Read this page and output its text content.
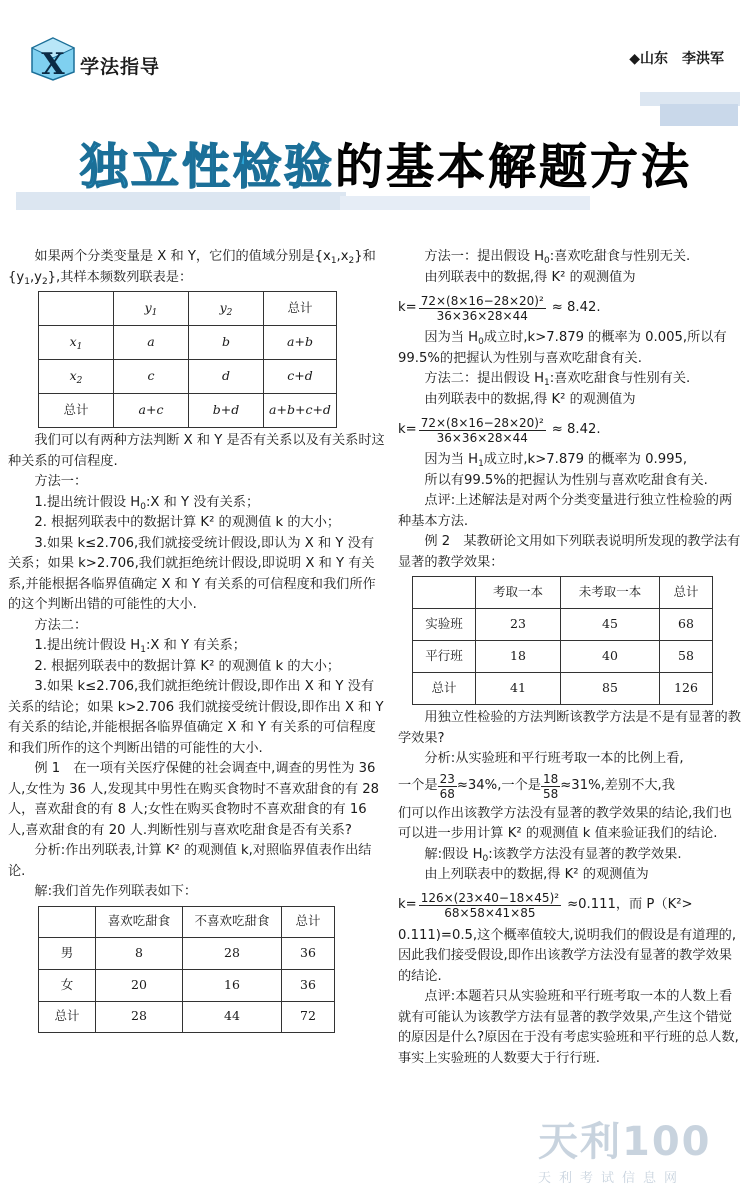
X 学法指导	◆山东　李洪军
独立性检验的基本解题方法

如果两个分类变量是 X 和 Y，它们的值域分别是$\{x_1,x_2\}$和$\{y_1,y_2\}$,其样本频数列联表是：

	$y_1$	$y_2$	总计
$x_1$	a	b	a+b
$x_2$	c	d	c+d
总计	a+c	b+d	a+b+c+d

我们可以有两种方法判断 X 和 Y 是否有关系以及有关系时这种关系的可信程度.

方法一：

1.提出统计假设 $H_0:X$ 和 Y 没有关系；

2. 根据列联表中的数据计算 K² 的观测值 k 的大小；

3.如果 k≤2.706,我们就接受统计假设,即认为 X 和 Y 没有关系；如果 k>2.706,我们就拒绝统计假设,即说明 X 和 Y 有关系,并能根据各临界值确定 X 和 Y 有关系的可信程度和我们所作的这个判断出错的可能性的大小.

方法二：

1.提出统计假设 $H_1:X$ 和 Y 有关系；

2. 根据列联表中的数据计算 K² 的观测值 k 的大小；

3.如果 k≤2.706,我们就拒绝统计假设,即作出 X 和 Y 没有关系的结论；如果 k>2.706 我们就接受统计假设,即作出 X 和 Y 有关系的结论,并能根据各临界值确定 X 和 Y 有关系的可信程度和我们所作的这个判断出错的可能性的大小.

例 1　在一项有关医疗保健的社会调查中,调查的男性为 36 人,女性为 36 人,发现其中男性在购买食物时不喜欢甜食的有 28 人，喜欢甜食的有 8 人;女性在购买食物时不喜欢甜食的有 16 人,喜欢甜食的有 20 人.判断性别与喜欢吃甜食是否有关系?

分析:作出列联表,计算 K² 的观测值 k,对照临界值表作出结论.

解:我们首先作列联表如下：

	喜欢吃甜食	不喜欢吃甜食	总计
男	8	28	36
女	20	16	36
总计	28	44	72

方法一：提出假设 $H_0$:喜欢吃甜食与性别无关.

由列联表中的数据,得 K² 的观测值为

$k= \frac{\text{72×(8×16−28×20)²}}{36\times 36\times 28\times 44} \approx 8.42$.

因为当 $H_0$成立时,k>7.879 的概率为 0.005,所以有 99.5%的把握认为性别与喜欢吃甜食有关.

方法二：提出假设 $H_1$:喜欢吃甜食与性别有关.

由列联表中的数据,得 K² 的观测值为

$k= \frac{\text{72×(8×16−28×20)²}}{36\times 36\times 28\times 44} \approx 8.42$.

因为当 $H_1$成立时,k>7.879 的概率为 0.995,

所以有99.5%的把握认为性别与喜欢吃甜食有关.

点评:上述解法是对两个分类变量进行独立性检验的两种基本方法.

例 2　某教研论文用如下列联表说明所发现的教学法有显著的教学效果：

	考取一本	未考取一本	总计
实验班	23	45	68
平行班	18	40	58
总计	41	85	126

用独立性检验的方法判断该教学方法是不是有显著的教学效果?

分析:从实验班和平行班考取一本的比例上看,

一个是 $\frac{23}{68} \approx 34\%$,一个是 $\frac{18}{58} \approx 31\%$,差别不大,我

们可以作出该教学方法没有显著的教学效果的结论,我们也可以进一步用计算 K² 的观测值 k 值来验证我们的结论.

解:假设 $H_0$:该教学方法没有显著的教学效果.

由上列联表中的数据,得 K² 的观测值为

$k= \frac{\text{126×(23×40−18×45)²}}{68\times 58\times 41\times 85} \approx 0.111$，而 P（K²>

0.111)=0.5,这个概率值较大,说明我们的假设是有道理的,因此我们接受假设,即作出该教学方法没有显著的教学效果的结论.

点评:本题若只从实验班和平行班考取一本的人数上看就有可能认为该教学方法有显著的教学效果,产生这个错觉的原因是什么?原因在于没有考虑实验班和平行班的总人数,事实上实验班的人数要大于行行班.

天利100
天利考试信息网
